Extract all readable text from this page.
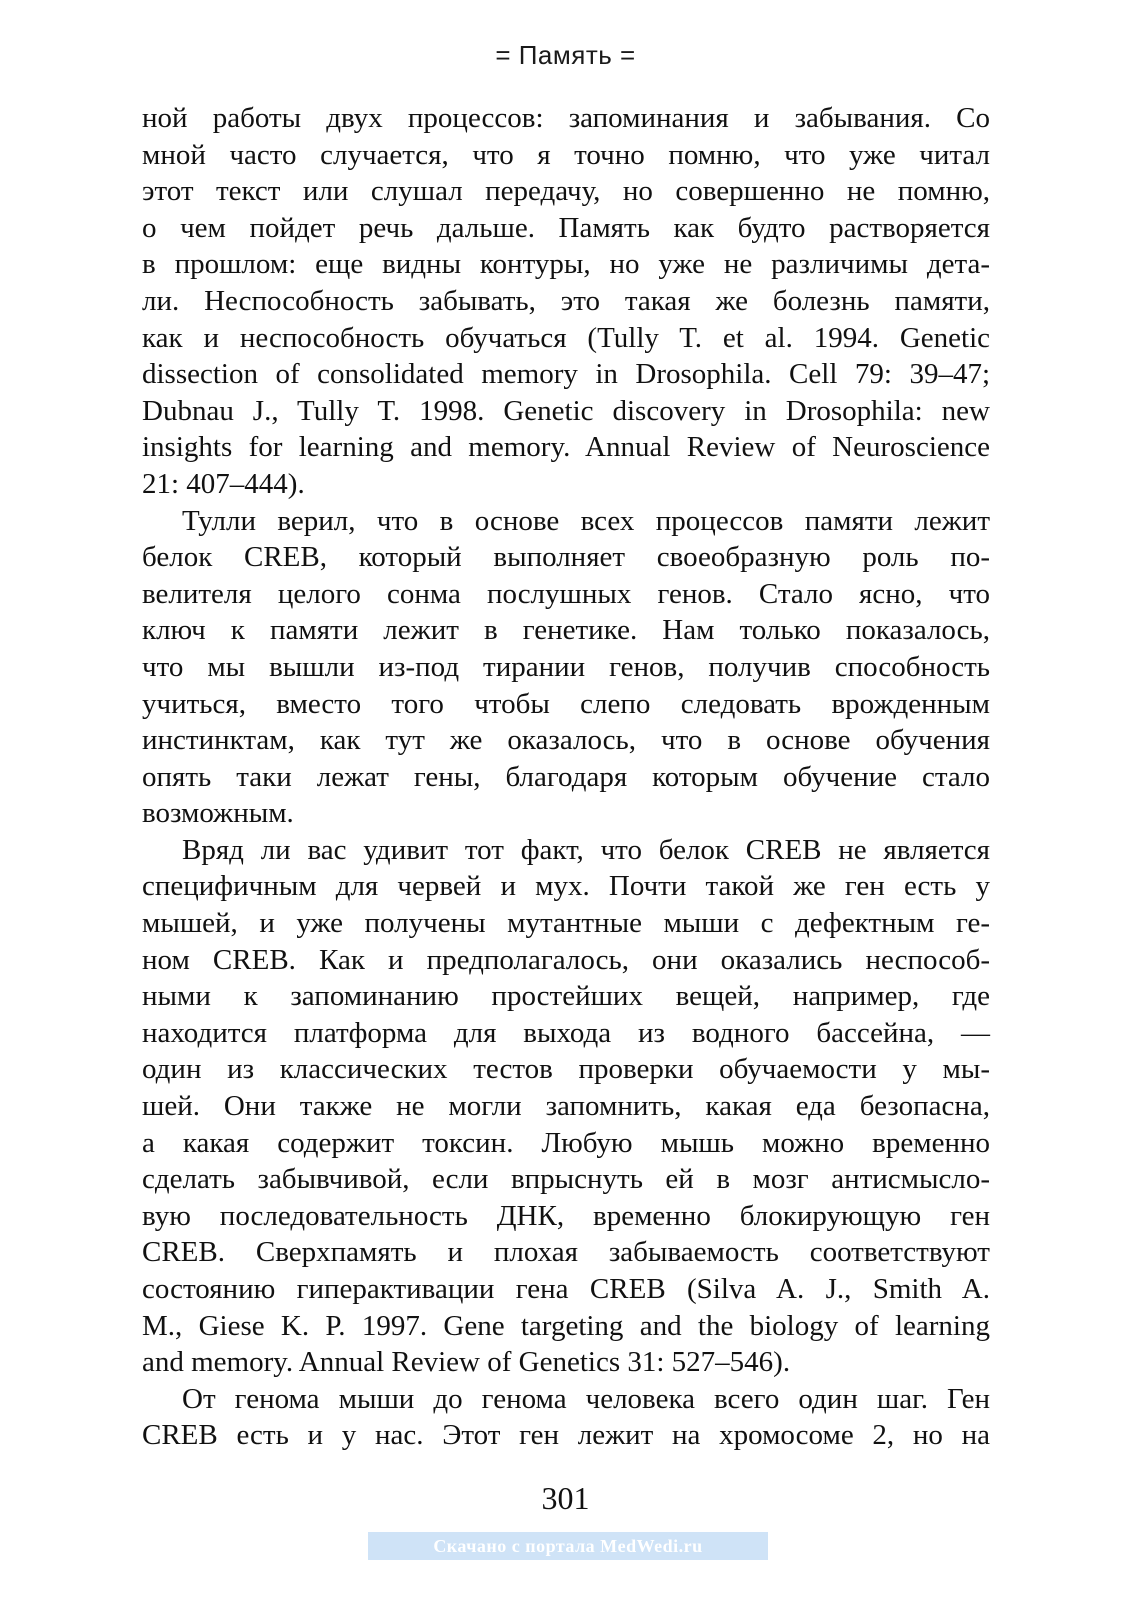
= Память =
ной работы двух процессов: запоминания и забывания. Со
мной часто случается, что я точно помню, что уже читал
этот текст или слушал передачу, но совершенно не помню,
о чем пойдет речь дальше. Память как будто растворяется
в прошлом: еще видны контуры, но уже не различимы дета-
ли. Неспособность забывать, это такая же болезнь памяти,
как и неспособность обучаться (Tully T. et al. 1994. Genetic
dissection of consolidated memory in Drosophila. Cell 79: 39–47;
Dubnau J., Tully T. 1998. Genetic discovery in Drosophila: new
insights for learning and memory. Annual Review of Neuroscience
21: 407–444).
Тулли верил, что в основе всех процессов памяти лежит
белок CREB, который выполняет своеобразную роль по-
велителя целого сонма послушных генов. Стало ясно, что
ключ к памяти лежит в генетике. Нам только показалось,
что мы вышли из-под тирании генов, получив способность
учиться, вместо того чтобы слепо следовать врожденным
инстинктам, как тут же оказалось, что в основе обучения
опять таки лежат гены, благодаря которым обучение стало
возможным.
Вряд ли вас удивит тот факт, что белок CREB не является
специфичным для червей и мух. Почти такой же ген есть у
мышей, и уже получены мутантные мыши с дефектным ге-
ном CREB. Как и предполагалось, они оказались неспособ-
ными к запоминанию простейших вещей, например, где
находится платформа для выхода из водного бассейна, —
один из классических тестов проверки обучаемости у мы-
шей. Они также не могли запомнить, какая еда безопасна,
а какая содержит токсин. Любую мышь можно временно
сделать забывчивой, если впрыснуть ей в мозг антисмысло-
вую последовательность ДНК, временно блокирующую ген
CREB. Сверхпамять и плохая забываемость соответствуют
состоянию гиперактивации гена CREB (Silva A. J., Smith A.
M., Giese K. P. 1997. Gene targeting and the biology of learning
and memory. Annual Review of Genetics 31: 527–546).
От генома мыши до генома человека всего один шаг. Ген
CREB есть и у нас. Этот ген лежит на хромосоме 2, но на
301
Скачано с портала MedWedi.ru
